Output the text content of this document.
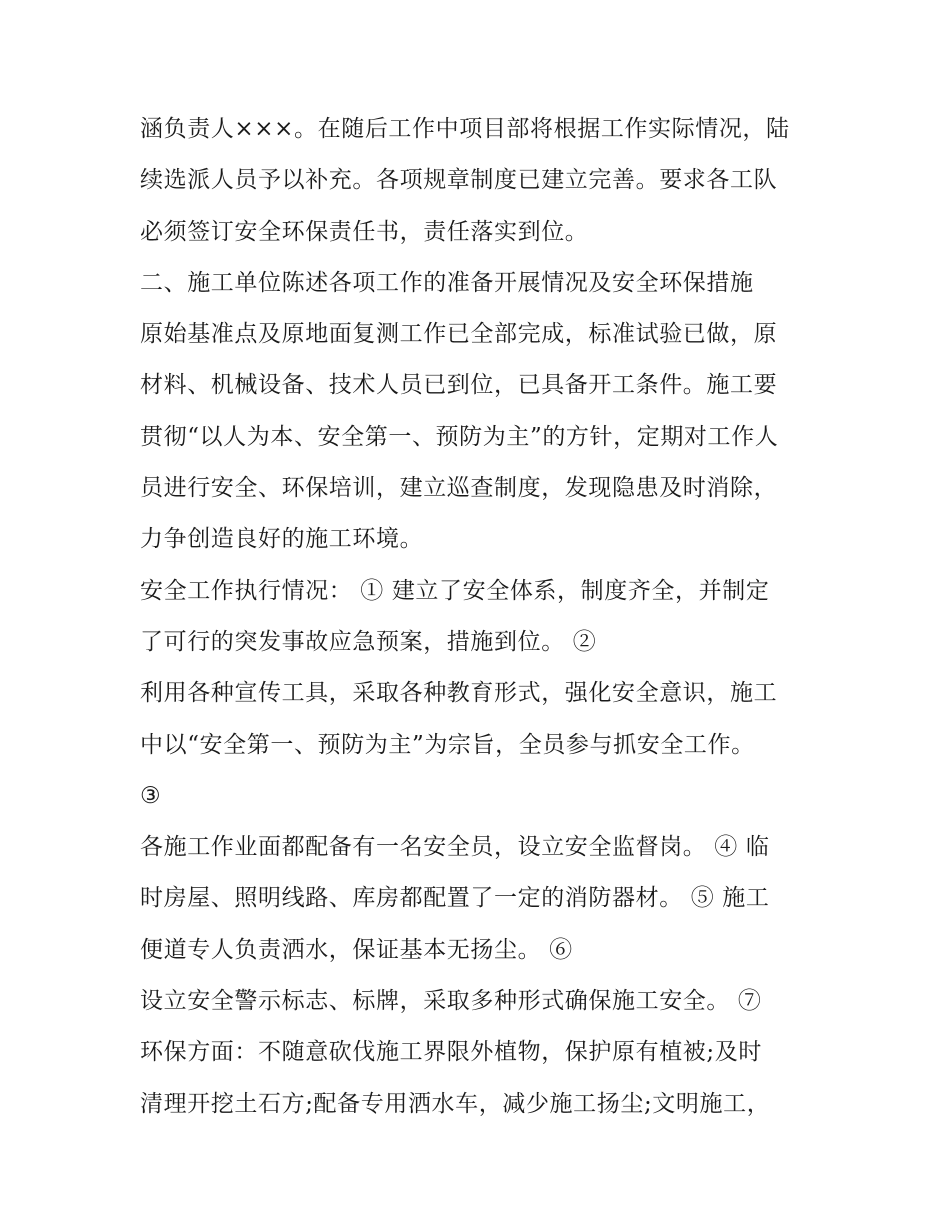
涵负责人×××。在随后工作中项目部将根据工作实际情况，陆
续选派人员予以补充。各项规章制度已建立完善。要求各工队
必须签订安全环保责任书，责任落实到位。
二、施工单位陈述各项工作的准备开展情况及安全环保措施
原始基准点及原地面复测工作已全部完成，标准试验已做，原
材料、机械设备、技术人员已到位，已具备开工条件。施工要
贯彻“以人为本、安全第一、预防为主”的方针，定期对工作人
员进行安全、环保培训，建立巡查制度，发现隐患及时消除，
力争创造良好的施工环境。
安全工作执行情况： ① 建立了安全体系，制度齐全，并制定
了可行的突发事故应急预案，措施到位。 ②
利用各种宣传工具，采取各种教育形式，强化安全意识，施工
中以“安全第一、预防为主”为宗旨，全员参与抓安全工作。
③
各施工作业面都配备有一名安全员，设立安全监督岗。 ④ 临
时房屋、照明线路、库房都配置了一定的消防器材。 ⑤ 施工
便道专人负责洒水，保证基本无扬尘。 ⑥
设立安全警示标志、标牌，采取多种形式确保施工安全。 ⑦
环保方面：不随意砍伐施工界限外植物，保护原有植被;及时
清理开挖土石方;配备专用洒水车，减少施工扬尘;文明施工，
